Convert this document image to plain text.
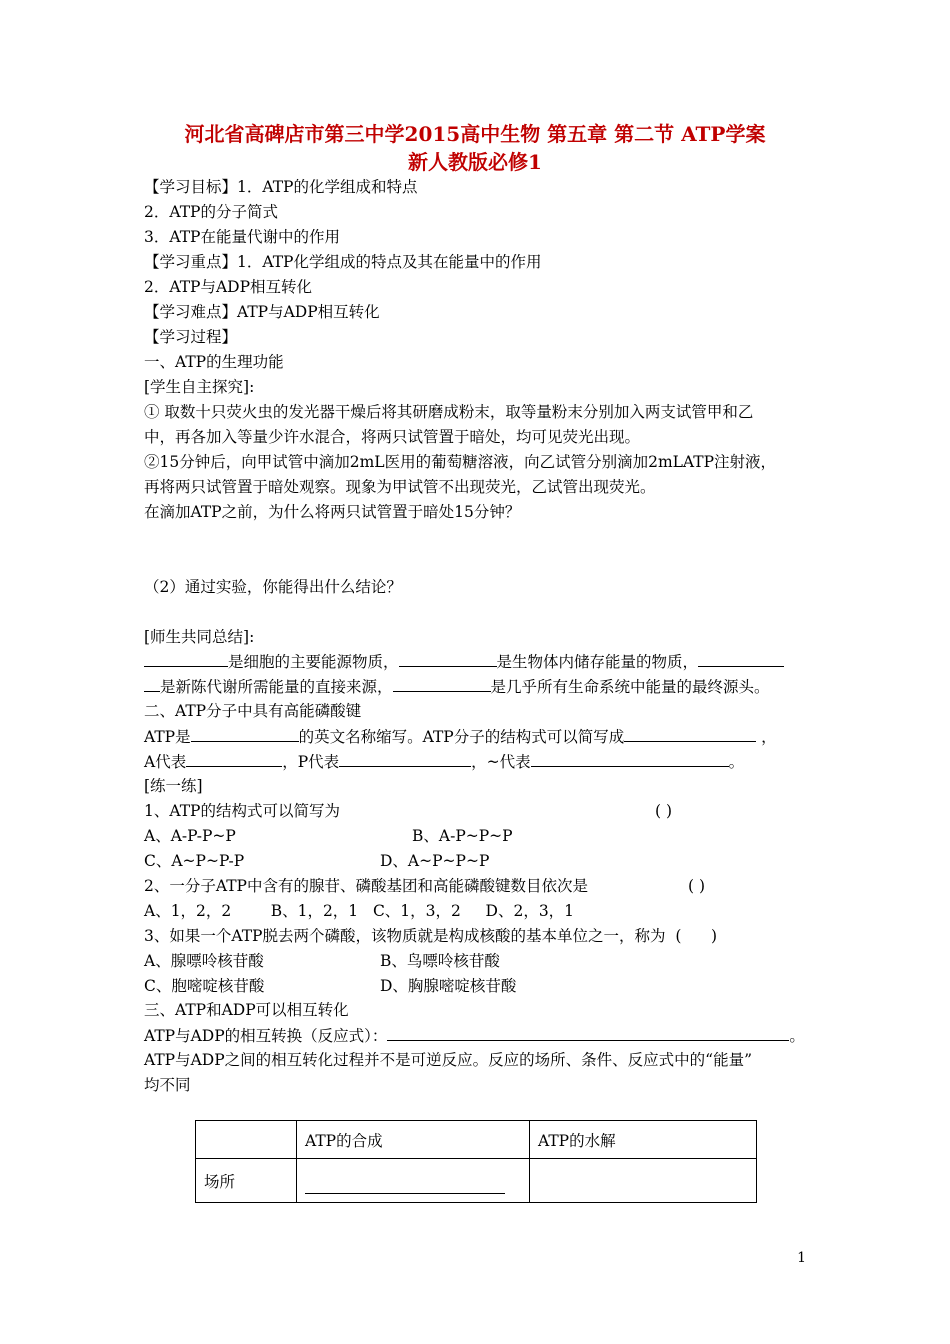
河北省高碑店市第三中学2015高中生物 第五章 第二节 ATP学案
新人教版必修1
【学习目标】1．ATP的化学组成和特点
2．ATP的分子简式
3．ATP在能量代谢中的作用
【学习重点】1．ATP化学组成的特点及其在能量中的作用
2．ATP与ADP相互转化
【学习难点】ATP与ADP相互转化
【学习过程】
一、ATP的生理功能
[学生自主探究]:
① 取数十只荧火虫的发光器干燥后将其研磨成粉末，取等量粉末分别加入两支试管甲和乙
中，再各加入等量少许水混合，将两只试管置于暗处，均可见荧光出现。
②15分钟后，向甲试管中滴加2mL医用的葡萄糖溶液，向乙试管分别滴加2mLATP注射液，
再将两只试管置于暗处观察。现象为甲试管不出现荧光，乙试管出现荧光。
在滴加ATP之前，为什么将两只试管置于暗处15分钟？
（2）通过实验，你能得出什么结论？
[师生共同总结]:
是细胞的主要能源物质，	是生物体内储存能量的物质，
是新陈代谢所需能量的直接来源，	是几乎所有生命系统中能量的最终源头。
二、ATP分子中具有高能磷酸键
ATP是	的英文名称缩写。ATP分子的结构式可以简写成	，
A代表	，P代表	，~代表	。
[练一练]
1、ATP的结构式可以简写为	( )
A、A-P-P~P	B、A-P~P~P
C、A~P~P-P	D、A~P~P~P
2、一分子ATP中含有的腺苷、磷酸基团和高能磷酸键数目依次是	( )
A、1，2，2        B、1，2，1   C、1，3，2     D、2，3，1
3、如果一个ATP脱去两个磷酸，该物质就是构成核酸的基本单位之一，称为  (      )
A、腺嘌呤核苷酸	B、鸟嘌呤核苷酸
C、胞嘧啶核苷酸	D、胸腺嘧啶核苷酸
三、ATP和ADP可以相互转化
ATP与ADP的相互转换（反应式）：	。
ATP与ADP之间的相互转化过程并不是可逆反应。反应的场所、条件、反应式中的“能量”
均不同
	ATP的合成	ATP的水解
场所		
1
